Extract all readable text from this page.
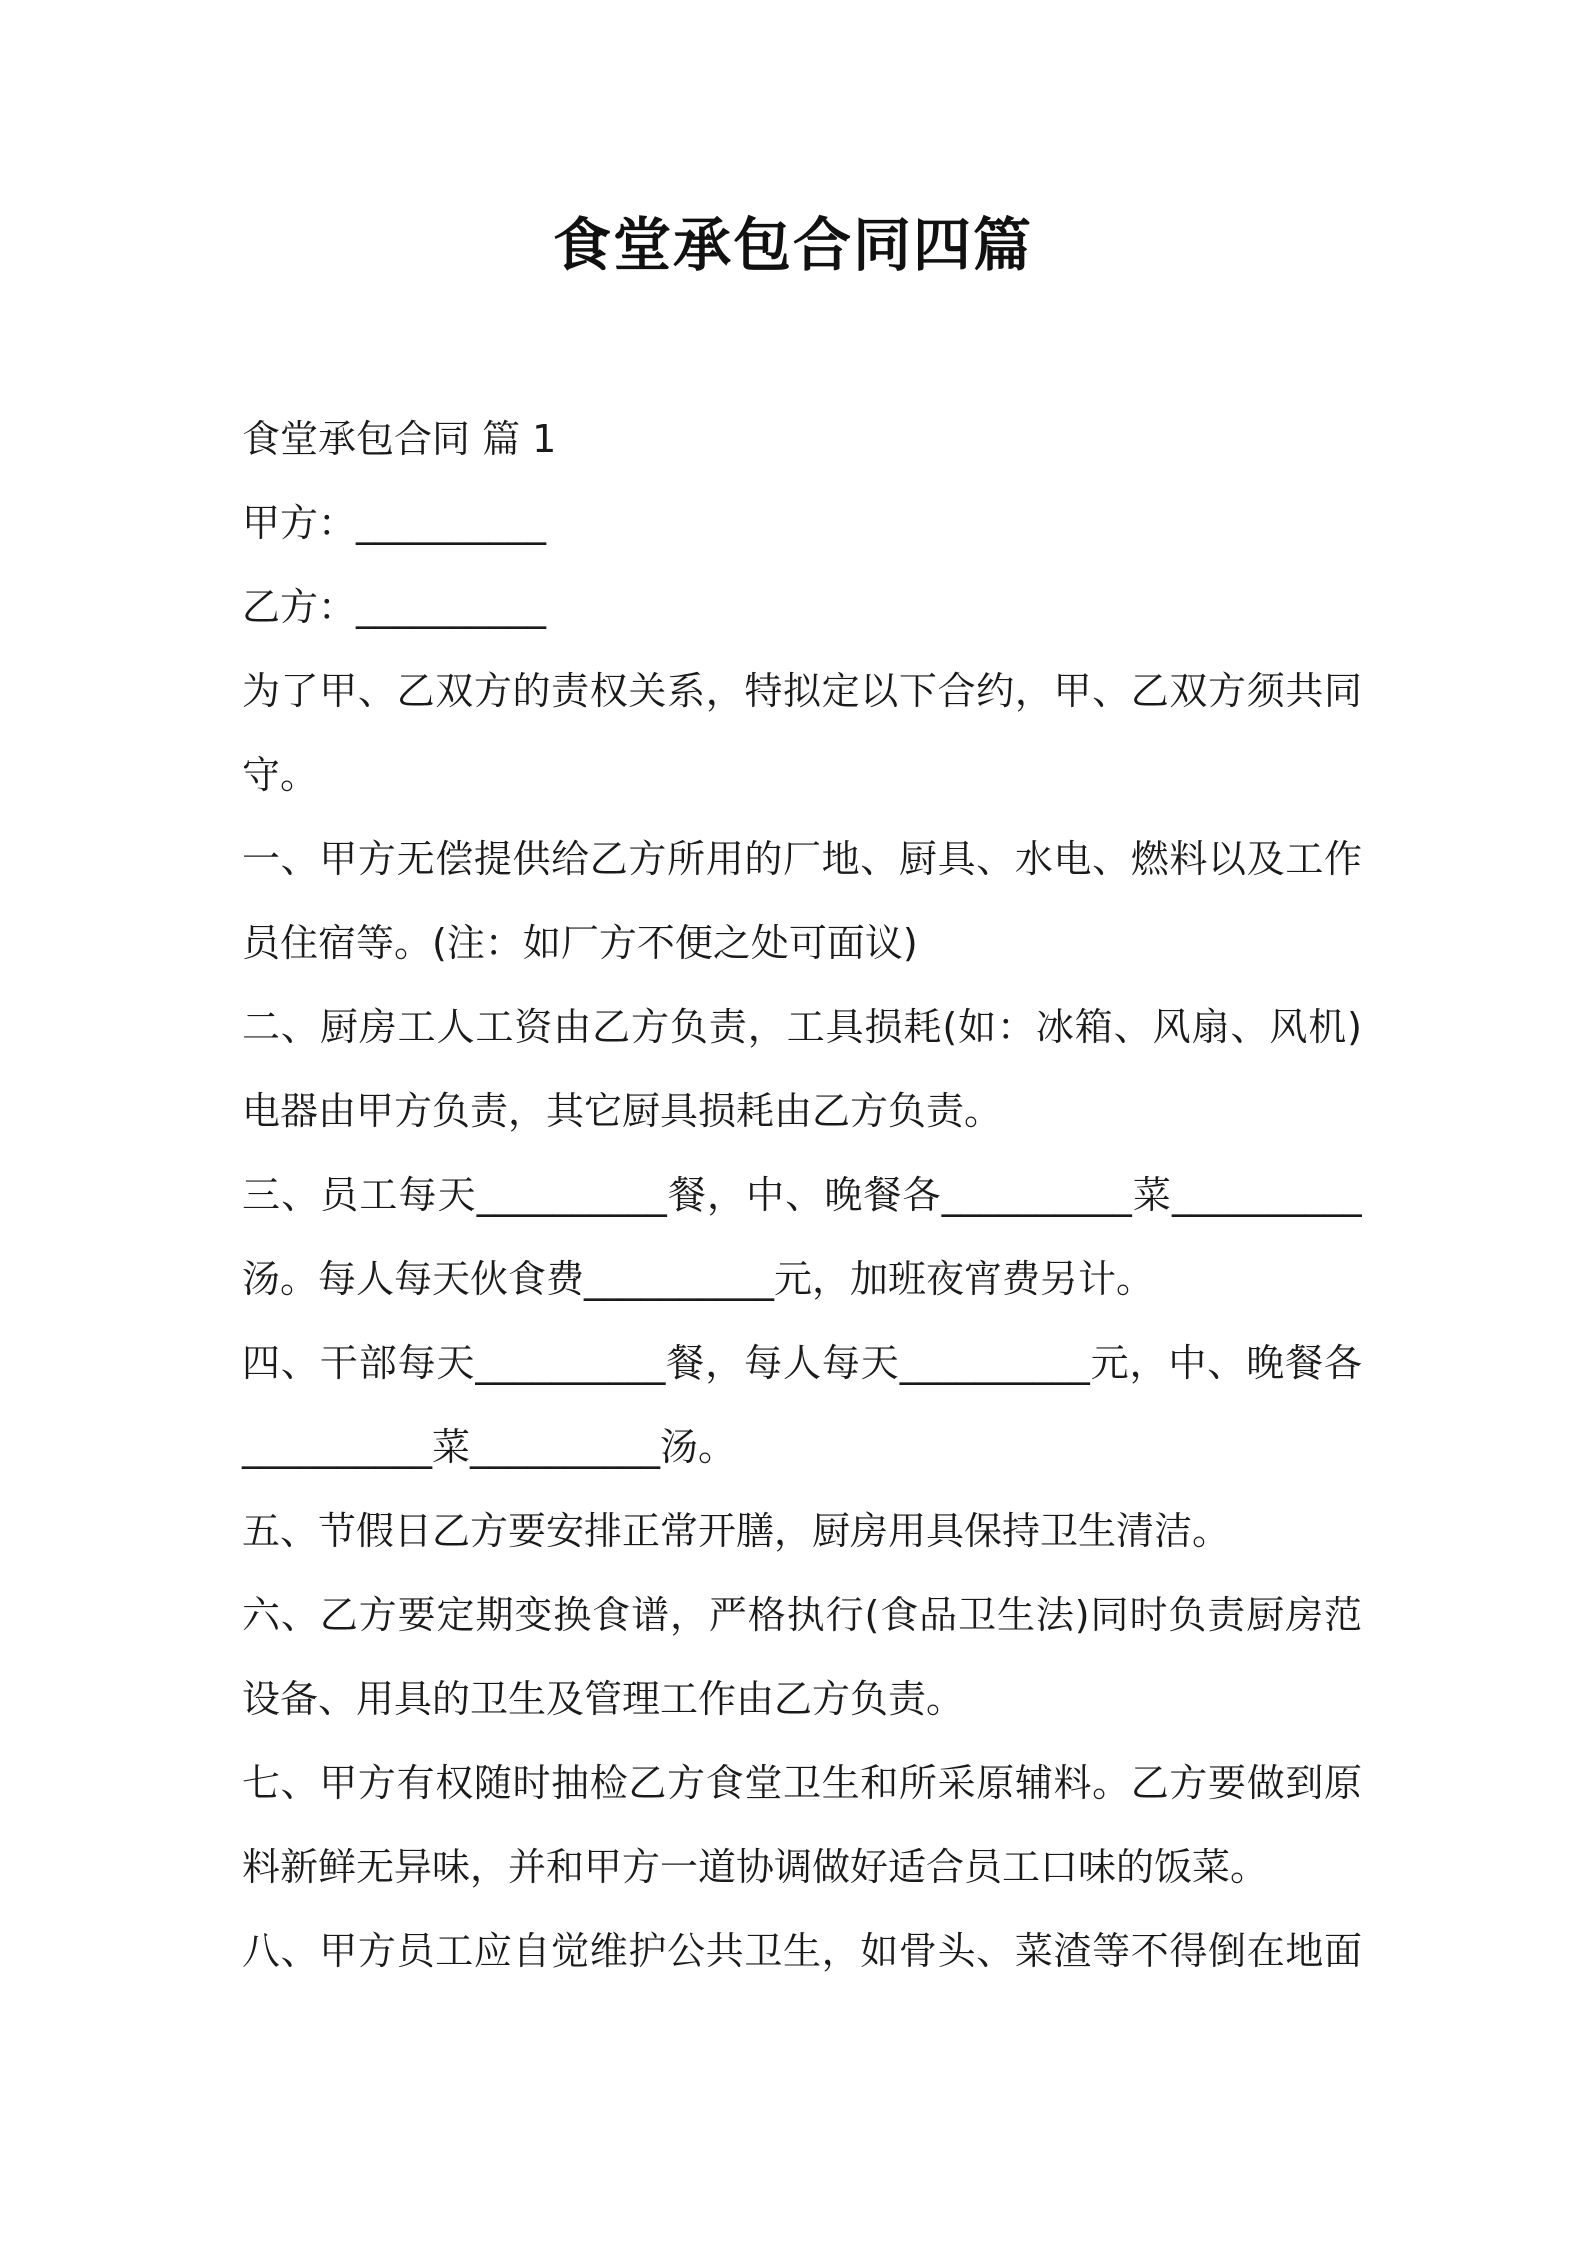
食堂承包合同四篇

食堂承包合同 篇 1

甲方：__________

乙方：__________

为了甲、乙双方的责权关系，特拟定以下合约，甲、乙双方须共同

守。

一、甲方无偿提供给乙方所用的厂地、厨具、水电、燃料以及工作

员住宿等。(注：如厂方不便之处可面议)

二、厨房工人工资由乙方负责，工具损耗(如：冰箱、风扇、风机)

电器由甲方负责，其它厨具损耗由乙方负责。

三、员工每天__________餐，中、晚餐各__________菜__________

汤。每人每天伙食费__________元，加班夜宵费另计。

四、干部每天__________餐，每人每天__________元，中、晚餐各

__________菜__________汤。

五、节假日乙方要安排正常开膳，厨房用具保持卫生清洁。

六、乙方要定期变换食谱，严格执行(食品卫生法)同时负责厨房范

设备、用具的卫生及管理工作由乙方负责。

七、甲方有权随时抽检乙方食堂卫生和所采原辅料。乙方要做到原

料新鲜无异味，并和甲方一道协调做好适合员工口味的饭菜。

八、甲方员工应自觉维护公共卫生，如骨头、菜渣等不得倒在地面
